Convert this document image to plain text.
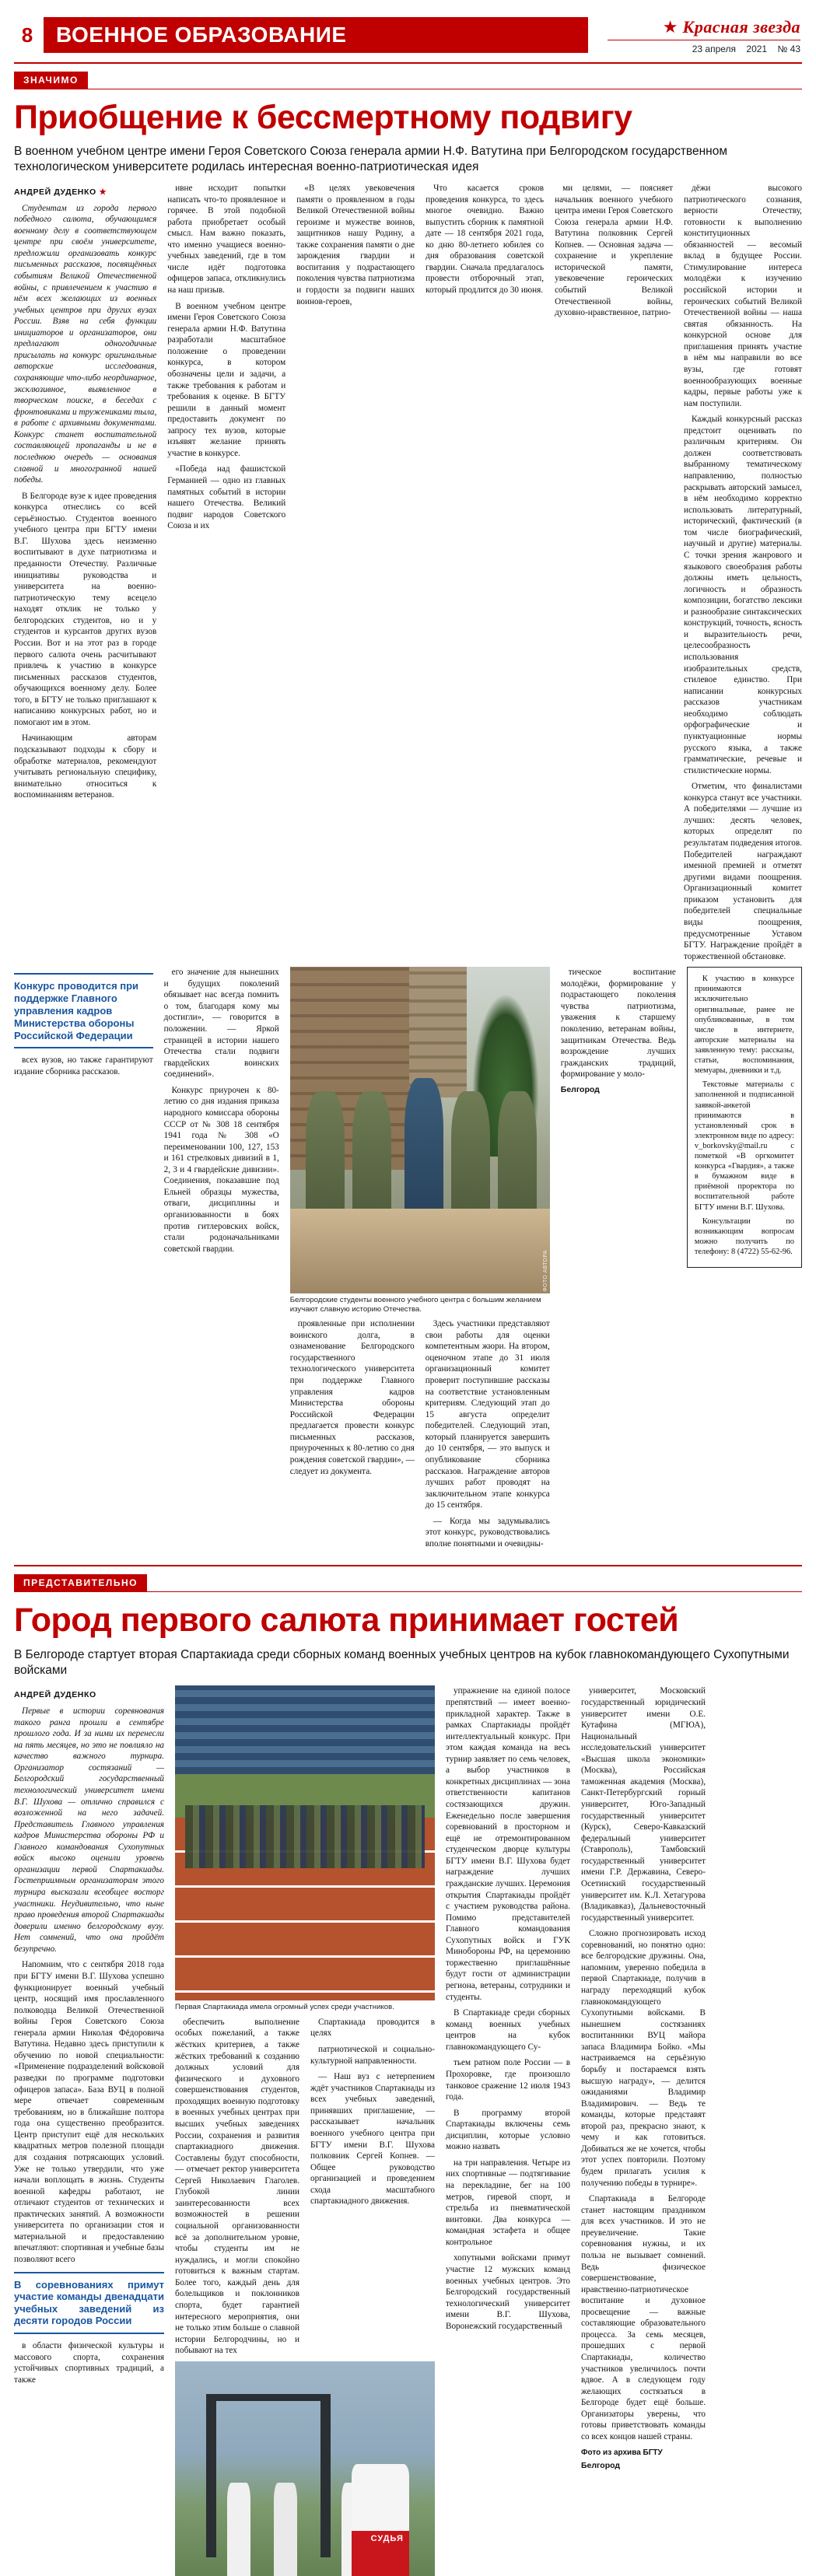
8	ВОЕННОЕ ОБРАЗОВАНИЕ	★ Красная звезда
23 апреля 2021 № 43
ЗНАЧИМО
Приобщение к бессмертному подвигу
В военном учебном центре имени Героя Советского Союза генерала армии Н.Ф. Ватутина при Белгородском государственном технологическом университете родилась интересная военно-патриотическая идея
АНДРЕЙ ДУДЕНКО ★

Студентам из города первого победного салюта, обучающимся военному делу в соответствующем центре при своём университете, предложили организовать конкурс письменных рассказов, посвящённых событиям Великой Отечественной войны, с привлечением к участию в нём всех желающих из военных учебных центров при других вузах России. Взяв на себя функции инициаторов и организаторов, они предлагают одногодичные присылать на конкурс оригинальные авторские исследования, сохраняющие что-либо неординарное, эксклюзивное, выявленное в творческом поиске, в беседах с фронтовиками и тружениками тыла, в работе с архивными документами. Конкурс станет воспитательной составляющей пропаганды и не в последнюю очередь — основания славной и многогранной нашей победы.

В Белгороде вузе к идее проведения конкурса отнеслись со всей серьёзностью. Студентов военного учебного центра при БГТУ имени В.Г. Шухова здесь неизменно воспитывают в духе патриотизма и преданности Отечеству. Различные инициативы руководства и университета на военно-патриотическую тему всецело находят отклик не только у белгородских студентов, но и у студентов и курсантов других вузов России. Вот и на этот раз в городе первого салюта очень расчитывают привлечь к участию в конкурсе письменных рассказов студентов, обучающихся военному делу. Более того, в БГТУ не только приглашают к написанию конкурсных работ, но и помогают им в этом.

Начинающим авторам подсказывают подходы к сбору и обработке материалов, рекомендуют учитывать региональную специфику, внимательно относиться к воспоминаниям ветеранов.

ивне исходит попытки написать что-то проявленное и горячее. В этой подобной работа приобретает особый смысл. Нам важно показать, что именно учащиеся военно-учебных заведений, где в том числе идёт подготовка офицеров запаса, откликнулись на наш призыв.

В военном учебном центре имени Героя Советского Союза генерала армии Н.Ф. Ватутина разработали масштабное положение о проведении конкурса, в котором обозначены цели и задачи, а также требования к работам и требования к оценке. В БГТУ решили в данный момент предоставить документ по запросу тех вузов, которые изъявят желание принять участие в конкурсе.

«Победа над фашистской Германией — одно из главных памятных событий в истории нашего Отечества. Великий подвиг народов Советского Союза и их

«В целях увековечения памяти о проявленном в годы Великой Отечественной войны героизме и мужестве воинов, защитников нашу Родину, а также сохранения памяти о дне зарождения гвардии и воспитания у подрастающего поколения чувства патриотизма и гордости за подвиги наших воинов-героев,

Что касается сроков проведения конкурса, то здесь многое очевидно. Важно выпустить сборник к памятной дате — 18 сентября 2021 года, ко дню 80-летнего юбилея со дня образования советской гвардии. Сначала предлагалось провести отборочный этап, который продлится до 30 июня.

ми целями, — поясняет начальник военного учебного центра имени Героя Советского Союза генерала армии Н.Ф. Ватутина полковник Сергей Копнев. — Основная задача — сохранение и укрепление исторической памяти, увековечение героических событий Великой Отечественной войны, духовно-нравственное, патрио-

дёжи высокого патриотического сознания, верности Отечеству, готовности к выполнению конституционных обязанностей — весомый вклад в будущее России. Стимулирование интереса молодёжи к изучению российской истории и героических событий Великой Отечественной войны — наша святая обязанность. На конкурсной основе для приглашения принять участие в нём мы направили во все вузы, где готовят военнообразующих военные кадры, первые работы уже к нам поступили.

Каждый конкурсный рассказ предстоит оценивать по различным критериям. Он должен соответствовать выбранному тематическому направлению, полностью раскрывать авторский замысел, в нём необходимо корректно использовать литературный, исторический, фактический (в том числе биографический, научный и другие) материалы. С точки зрения жанрового и языкового своеобразия работы должны иметь цельность, логичность и образность композиции, богатство лексики и разнообразие синтаксических конструкций, точность, ясность и выразительность речи, целесообразность использования изобразительных средств, стилевое единство. При написании конкурсных рассказов участникам необходимо соблюдать орфографические и пунктуационные нормы русского языка, а также грамматические, речевые и стилистические нормы.

Отметим, что финалистами конкурса станут все участники. А победителями — лучшие из лучших: десять человек, которых определят по результатам подведения итогов. Победителей награждают именной премией и отметят другими видами поощрения. Организационный комитет приказом установить для победителей специальные виды поощрения, предусмотренные Уставом БГТУ. Награждение пройдёт в торжественной обстановке.

Конкурс проводится при поддержке Главного управления кадров Министерства обороны Российской Федерации

всех вузов, но также гарантируют издание сборника рассказов.

его значение для нынешних и будущих поколений обязывает нас всегда помнить о том, благодаря кому мы достигли», — говорится в положении. — Яркой страницей в истории нашего Отечества стали подвиги гвардейских воинских соединений».

Конкурс приурочен к 80-летию со дня издания приказа народного комиссара обороны СССР от № 308 18 сентября 1941 года № 308 «О переименовании 100, 127, 153 и 161 стрелковых дивизий в 1, 2, 3 и 4 гвардейские дивизии». Соединения, показавшие под Ельней образцы мужества, отваги, дисциплины и организованности в боях против гитлеровских войск, стали родоначальниками советской гвардии.

ФОТО АВТОРА
Белгородские студенты военного учебного центра с большим желанием изучают славную историю Отечества.

проявленные при исполнении воинского долга, в ознаменование Белгородского государственного технологического университета при поддержке Главного управления кадров Министерства обороны Российской Федерации предлагается провести конкурс письменных рассказов, приуроченных к 80-летию со дня рождения советской гвардии», — следует из документа.

Здесь участники представляют свои работы для оценки компетентным жюри. На втором, оценочном этапе до 31 июля организационный комитет проверит поступившие рассказы на соответствие установленным критериям. Следующий этап до 15 августа определит победителей. Следующий этап, который планируется завершить до 10 сентября, — это выпуск и опубликование сборника рассказов. Награждение авторов лучших работ проводят на заключительном этапе конкурса до 15 сентября.

— Когда мы задумывались этот конкурс, руководствовались вполне понятными и очевидны-

тическое воспитание молодёжи, формирование у подрастающего поколения чувства патриотизма, уважения к старшему поколению, ветеранам войны, защитникам Отечества. Ведь возрождение лучших гражданских традиций, формирование у моло-

Белгород

К участию в конкурсе принимаются исключительно оригинальные, ранее не опубликованные, в том числе в интернете, авторские материалы на заявленную тему: рассказы, статьи, воспоминания, мемуары, дневники и т.д.

Текстовые материалы с заполненной и подписанной заявкой-анкетой принимаются в установленный срок в электронном виде по адресу: v_borkovsky@mail.ru с пометкой «В оргкомитет конкурса «Гвардия», а также в бумажном виде в приёмной проректора по воспитательной работе БГТУ имени В.Г. Шухова.

Консультации по возникающим вопросам можно получить по телефону: 8 (4722) 55-62-96.

ПРЕДСТАВИТЕЛЬНО
Город первого салюта принимает гостей
В Белгороде стартует вторая Спартакиада среди сборных команд военных учебных центров на кубок главнокомандующего Сухопутными войсками
АНДРЕЙ ДУДЕНКО

Первые в истории соревнования такого ранга прошли в сентябре прошлого года. И за ними их перенесли на пять месяцев, но это не повлияло на качество важного турнира. Организатор состязаний — Белгородский государственный технологический университет имени В.Г. Шухова — отлично справился с возложенной на него задачей. Представитель Главного управления кадров Министерства обороны РФ и Главного командования Сухопутных войск высоко оценили уровень организации первой Спартакиады. Гостеприимным организаторам этого турнира высказали всеобщее восторг участники. Неудивительно, что ныне право проведения второй Спартакиады доверили именно белгородскому вузу. Нет сомнений, что она пройдёт безупречно.

Напомним, что с сентября 2018 года при БГТУ имени В.Г. Шухова успешно функционирует военный учебный центр, носящий имя прославленного полководца Великой Отечественной войны Героя Советского Союза генерала армии Николая Фёдоровича Ватутина. Недавно здесь приступили к обучению по новой специальности: «Применение подразделений войсковой разведки по программе подготовки офицеров запаса». База ВУЦ в полной мере отвечает современным требованиям, но в ближайшие полтора года она существенно преобразится. Центр приступит ещё для нескольких квадратных метров полезной площади для создания потрясающих условий. Уже не только утвердили, что уже начали воплощать в жизнь. Студенты военной кафедры работают, не отличают студентов от технических и практических занятий. А возможности университета по организации стоя и материальной и предоставлению впечатляют: спортивная и учебные базы позволяют всего

В соревнованиях примут участие команды двенадцати учебных заведений из десяти городов России

в области физической культуры и массового спорта, сохранения устойчивых спортивных традиций, а также

Первая Спартакиада имела огромный успех среди участников.

обеспечить выполнение особых пожеланий, а также жёстких критериев, а также жёстких требований к созданию должных условий для физического и духовного совершенствования студентов, проходящих военную подготовку в военных учебных центрах при высших учебных заведениях России, сохранения и развития спартакиадного движения. Составлены будут способности, — отмечает ректор университета Сергей Николаевич Глаголев. Глубокой линии заинтересованности всех возможностей в решении социальной организованности всё за дополнительном уровне, чтобы студенты им не нуждались, и могли спокойно готовиться к важным стартам. Более того, каждый день для болельщиков и поклонников спорта, будет гарантией интересного мероприятия, они не только этим больше о славной истории Белгородчины, но и побывают на тех

Спартакиада проводится в целях

патриотической и социально-культурной направленности.

— Наш вуз с нетерпением ждёт участников Спартакиады из всех учебных заведений, принявших приглашение, — рассказывает начальник военного учебного центра при БГТУ имени В.Г. Шухова полковник Сергей Копнев. — Общее руководство организацией и проведением схода масштабного спартакиадного движения.

СУДЬЯ

упражнение на единой полосе препятствий — имеет военно-прикладной характер. Также в рамках Спартакиады пройдёт интеллектуальный конкурс. При этом каждая команда на весь турнир заявляет по семь человек, а выбор участников в конкретных дисциплинах — зона ответственности капитанов состязающихся дружин. Еженедельно после завершения соревнований в просторном и ещё не отремонтированном студенческом дворце культуры БГТУ имени В.Г. Шухова будет награждение лучших гражданские лучших. Церемония открытия Спартакиады пройдёт с участием руководства района. Помимо представителей Главного командования Сухопутных войск и ГУК Минобороны РФ, на церемонию торжественно приглашённые будут гости от администрации региона, ветераны, сотрудники и студенты.

В Спартакиаде среди сборных команд военных учебных центров на кубок главнокомандующего Су-

тьем ратном поле России — в Прохоровке, где произошло танковое сражение 12 июля 1943 года.

В программу второй Спартакиады включены семь дисциплин, которые условно можно назвать

на три направления. Четыре из них спортивные — подтягивание на перекладине, бег на 100 метров, гиревой спорт, и стрельба из пневматической винтовки. Два конкурса — командная эстафета и общее контрольное

хопутными войсками примут участие 12 мужских команд военных учебных центров. Это Белгородский государственный технологический университет имени В.Г. Шухова, Воронежский государственный

университет, Московский государственный юридический университет имени О.Е. Кутафина (МГЮА), Национальный исследовательский университет «Высшая школа экономики» (Москва), Российская таможенная академия (Москва), Санкт-Петербургский горный университет, Юго-Западный государственный университет (Курск), Северо-Кавказский федеральный университет (Ставрополь), Тамбовский государственный университет имени Г.Р. Державина, Северо-Осетинский государственный университет им. К.Л. Хетагурова (Владикавказ), Дальневосточный государственный университет.

Сложно прогнозировать исход соревнований, но понятно одно: все белгородские дружины. Она, напомним, уверенно победила в первой Спартакиаде, получив в награду переходящий кубок главнокомандующего Сухопутными войсками. В нынешнем состязаниях воспитанники ВУЦ майора запаса Владимира Бойко. «Мы настраиваемся на серьёзную борьбу и постараемся взять высшую награду», — делится ожиданиями Владимир Владимирович. — Ведь те команды, которые представят второй раз, прекрасно знают, к чему и как готовиться. Добиваться же не хочется, чтобы этот успех повторили. Поэтому будем прилагать усилия к получению победы в турнире».

Спартакиада в Белгороде станет настоящим праздником для всех участников. И это не преувеличение. Такие соревнования нужны, и их польза не вызывает сомнений. Ведь физическое совершенствование, нравственно-патриотическое воспитание и духовное просвещение — важные составляющие образовательного процесса. За семь месяцев, прошедших с первой Спартакиады, количество участников увеличилось почти вдвое. А в следующем году желающих состязаться в Белгороде будет ещё больше. Организаторы уверены, что готовы приветствовать команды со всех концов нашей страны.

Фото из архива БГТУ
Белгород
